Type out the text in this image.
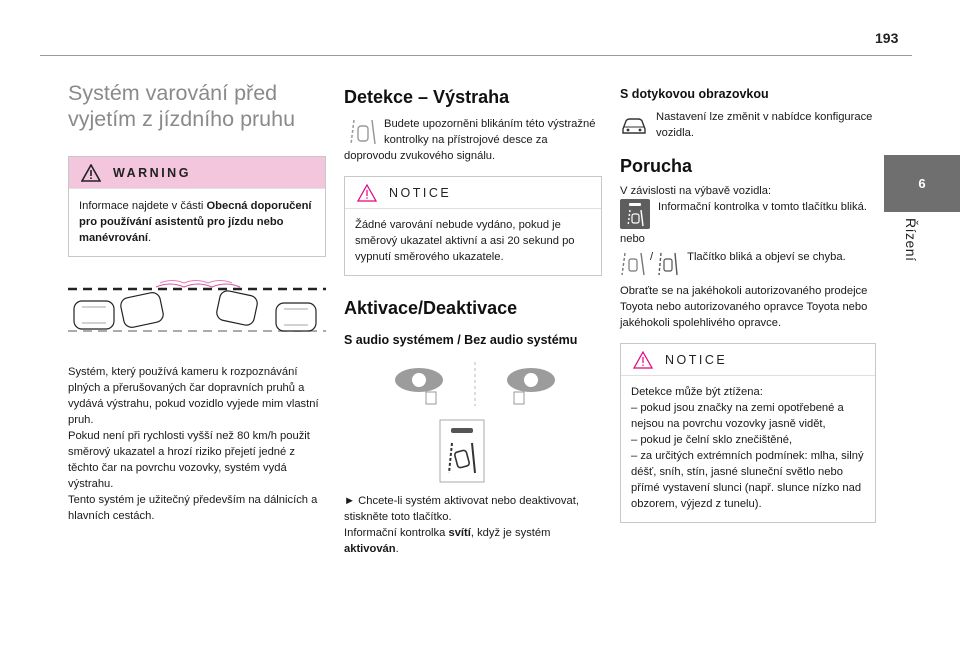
193
6
Řízení
Systém varování před
vyjetím z jízdního pruhu
WARNING
Informace najdete v části Obecná doporučení pro používání asistentů pro jízdu nebo manévrování.
Systém, který používá kameru k rozpoznávání plných a přerušovaných čar dopravních pruhů a vydává výstrahu, pokud vozidlo vyjede mim vlastní pruh.
Pokud není při rychlosti vyšší než 80 km/h použit směrový ukazatel a hrozí riziko přejetí jedné z těchto čar na povrchu vozovky, systém vydá výstrahu.
Tento systém je užitečný především na dálnicích a hlavních cestách.
Detekce – Výstraha
Budete upozorněni blikáním této výstražné kontrolky na přístrojové desce za doprovodu zvukového signálu.
NOTICE
Žádné varování nebude vydáno, pokud je směrový ukazatel aktivní a asi 20 sekund po vypnutí směrového ukazatele.
Aktivace/Deaktivace
S audio systémem / Bez audio systému
► Chcete-li systém aktivovat nebo deaktivovat, stiskněte toto tlačítko.
Informační kontrolka svítí, když je systém aktivován.
S dotykovou obrazovkou
Nastavení lze změnit v nabídce konfigurace vozidla.
Porucha
V závislosti na výbavě vozidla:
Informační kontrolka v tomto tlačítku bliká.
nebo
/	Tlačítko bliká a objeví se chyba.
Obraťte se na jakéhokoli autorizovaného prodejce Toyota nebo autorizovaného opravce Toyota nebo jakéhokoli spolehlivého opravce.
NOTICE
Detekce může být ztížena:
– pokud jsou značky na zemi opotřebené a nejsou na povrchu vozovky jasně vidět,
– pokud je čelní sklo znečištěné,
– za určitých extrémních podmínek: mlha, silný déšť, sníh, stín, jasné sluneční světlo nebo přímé vystavení slunci (např. slunce nízko nad obzorem, výjezd z tunelu).
